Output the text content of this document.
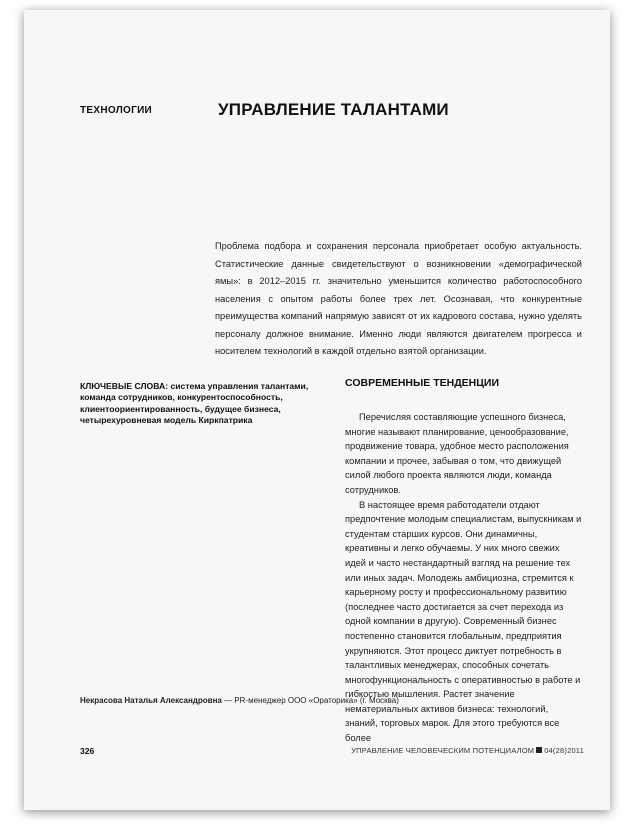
ТЕХНОЛОГИИ	УПРАВЛЕНИЕ ТАЛАНТАМИ

Проблема подбора и сохранения персонала приобретает особую актуальность. Статистические данные свидетельствуют о возникновении «демографической ямы»: в 2012–2015 гг. значительно уменьшится количество работоспособного населения с опытом работы более трех лет. Осознавая, что конкурентные преимущества компаний напрямую зависят от их кадрового состава, нужно уделять персоналу должное внимание. Именно люди являются двигателем прогресса и носителем технологий в каждой отдельно взятой организации.

КЛЮЧЕВЫЕ СЛОВА: система управления талантами, команда сотрудников, конкурентоспособность, клиентоориентированность, будущее бизнеса, четырехуровневая модель Киркпатрика

СОВРЕМЕННЫЕ ТЕНДЕНЦИИ

Перечисляя составляющие успешного бизнеса, многие называют планирование, ценообразование, продвижение товара, удобное место расположения компании и прочее, забывая о том, что движущей силой любого проекта являются люди, команда сотрудников.

В настоящее время работодатели отдают предпочтение молодым специалистам, выпускникам и студентам старших курсов. Они динамичны, креативны и легко обучаемы. У них много свежих идей и часто нестандартный взгляд на решение тех или иных задач. Молодежь амбициозна, стремится к карьерному росту и профессиональному развитию (последнее часто достигается за счет перехода из одной компании в другую). Современный бизнес постепенно становится глобальным, предприятия укрупняются. Этот процесс диктует потребность в талантливых менеджерах, способных сочетать многофункциональность с оперативностью в работе и гибкостью мышления. Растет значение нематериальных активов бизнеса: технологий, знаний, торговых марок. Для этого требуются все более

Некрасова Наталья Александровна — PR-менеджер ООО «Ораторика» (г. Москва)
326	УПРАВЛЕНИЕ ЧЕЛОВЕЧЕСКИМ ПОТЕНЦИАЛОМ 04(28)2011
